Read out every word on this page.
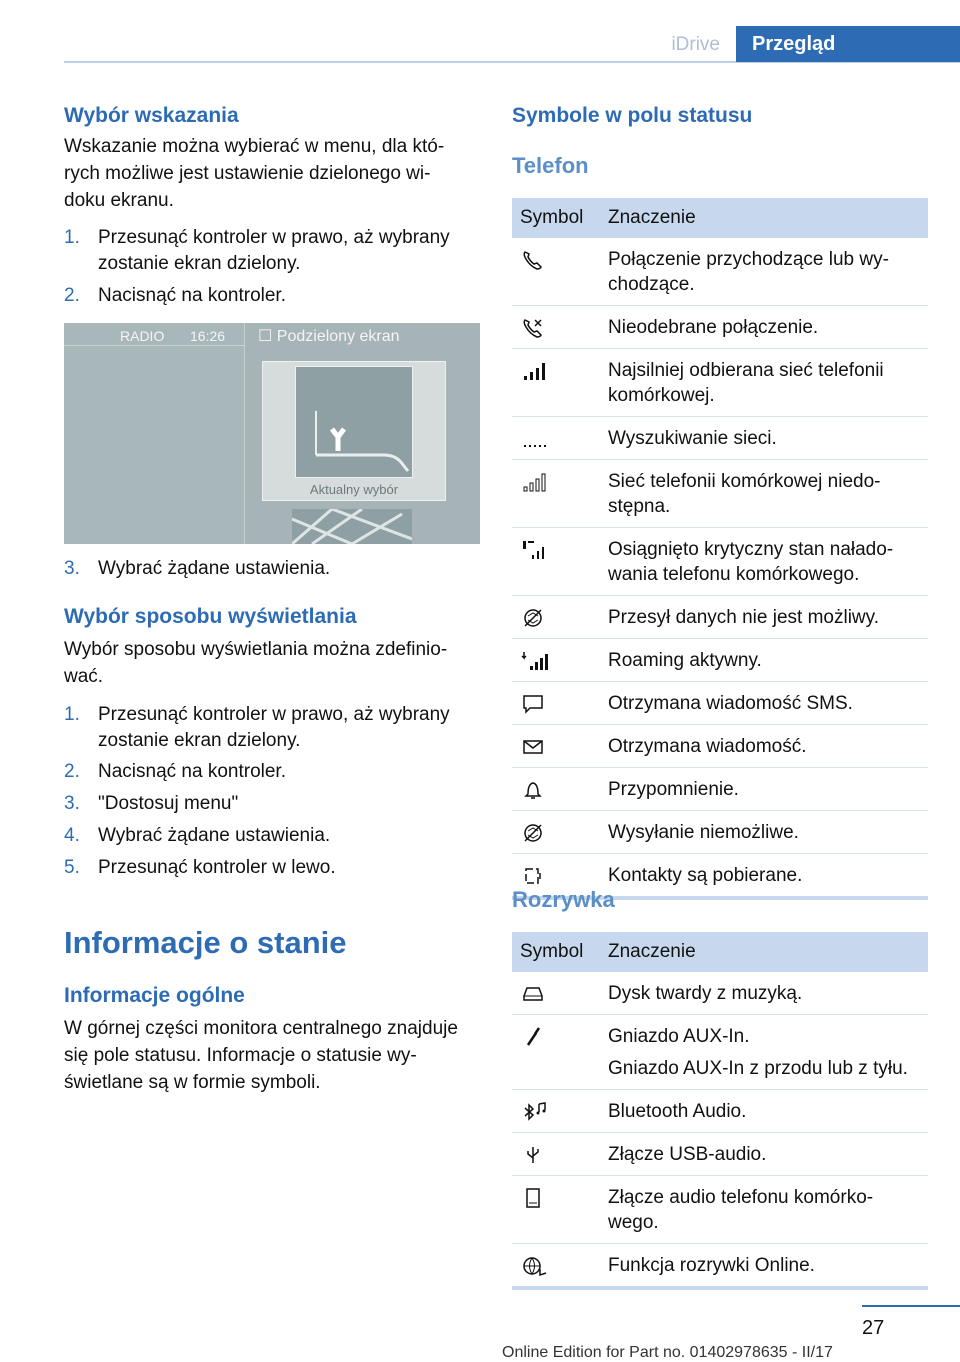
iDrive	Przegląd
Wybór wskazania

Wskazanie można wybierać w menu, dla któ-rych możliwe jest ustawienie dzielonego wi-doku ekranu.

1. Przesunąć kontroler w prawo, aż wybrany zostanie ekran dzielony.
2. Nacisnąć na kontroler.
RADIO 16:26 ☐ Podzielony ekran
Aktualny wybór
3. Wybrać żądane ustawienia.
Wybór sposobu wyświetlania

Wybór sposobu wyświetlania można zdefinio-wać.

1. Przesunąć kontroler w prawo, aż wybrany zostanie ekran dzielony.
2. Nacisnąć na kontroler.
3. "Dostosuj menu"
4. Wybrać żądane ustawienia.
5. Przesunąć kontroler w lewo.
Informacje o stanie
Informacje ogólne

W górnej części monitora centralnego znajduje się pole statusu. Informacje o statusie wy-świetlane są w formie symboli.

Symbole w polu statusu
Telefon
Symbol	Znaczenie

	Połączenie przychodzące lub wy-chodzące.

	Nieodebrane połączenie.

	Najsilniej odbierana sieć telefonii komórkowej.

	Wyszukiwanie sieci.

	Sieć telefonii komórkowej niedo-stępna.

	Osiągnięto krytyczny stan nałado-wania telefonu komórkowego.

	Przesył danych nie jest możliwy.

	Roaming aktywny.

	Otrzymana wiadomość SMS.

	Otrzymana wiadomość.

	Przypomnienie.

	Wysyłanie niemożliwe.

	Kontakty są pobierane.
Rozrywka
Symbol	Znaczenie

Dysk twardy z muzyką.

Gniazdo AUX-In.
Gniazdo AUX-In z przodu lub z tyłu.

Bluetooth Audio.

Złącze USB-audio.

Złącze audio telefonu komórko-wego.

Funkcja rozrywki Online.
27
Online Edition for Part no. 01402978635 - II/17
